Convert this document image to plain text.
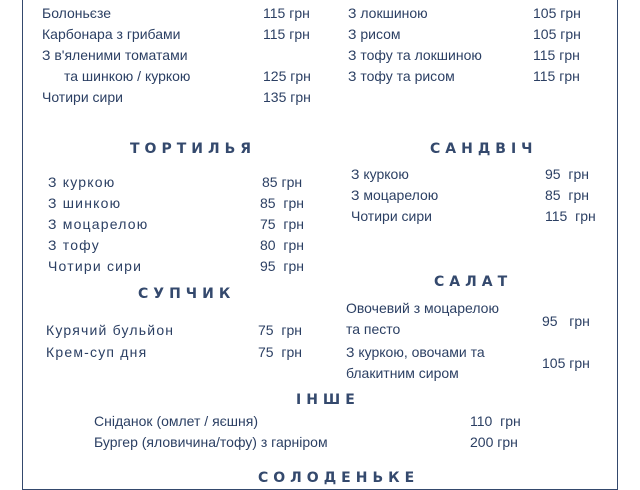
Болоньєзе	115 грн
Карбонара з грибами	115 грн
З в'яленими томатами
та шинкою / куркою	125 грн
Чотири сири	135 грн
З локшиною	105 грн
З рисом	105 грн
З тофу та локшиною	115 грн
З тофу та рисом	115 грн
ТОРТИЛЬЯ
З куркою	85 грн
З шинкою	85  грн
З моцарелою	75  грн
З тофу	80  грн
Чотири сири	95  грн
САНДВІЧ
З куркою	95  грн
З моцарелою	85  грн
Чотири сири	115  грн
СУПЧИК
Курячий бульйон	75  грн
Крем-суп дня	75  грн
САЛАТ
Овочевий з моцарелою
та песто	95   грн
З куркою, овочами та
блакитним сиром
105 грн
ІНШЕ
Сніданок (омлет / яєшня)	110  грн
Бургер (яловичина/тофу) з гарніром	200 грн
СОЛОДЕНЬКЕ
